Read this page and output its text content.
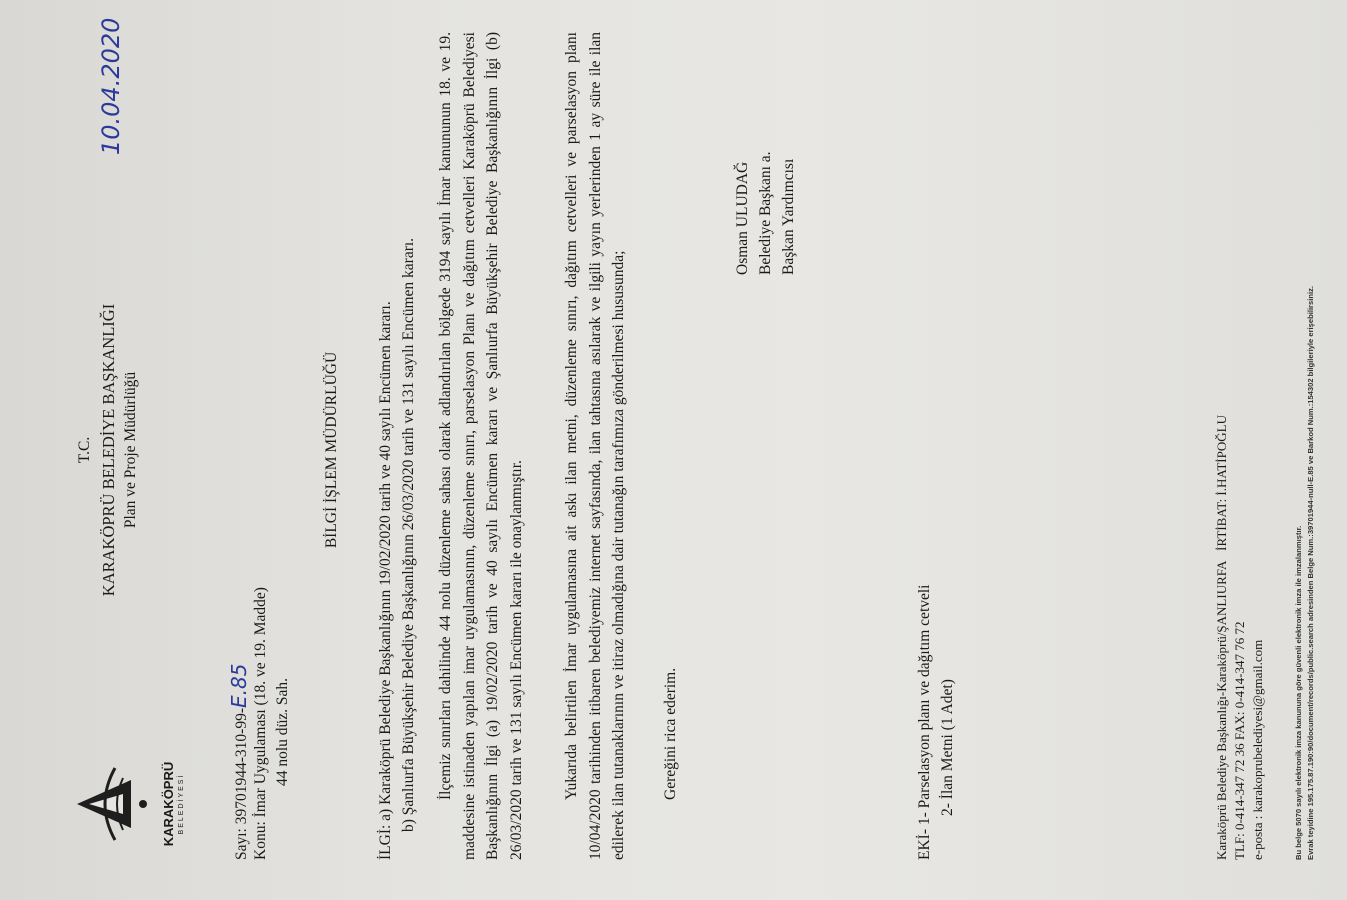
KARAKÖPRÜ BELEDİYESİ
T.C. KARAKÖPRÜ BELEDİYE BAŞKANLIĞI Plan ve Proje Müdürlüğü
10.04.2020
Sayı: 39701944-310-99-E.85
Konu: İmar Uygulaması (18. ve 19. Madde) 44 nolu düz. Sah.
BİLGİ İŞLEM MÜDÜRLÜĞÜ
İLGİ: a) Karaköprü Belediye Başkanlığının 19/02/2020 tarih ve 40 sayılı Encümen kararı. b) Şanlıurfa Büyükşehir Belediye Başkanlığının 26/03/2020 tarih ve 131 sayılı Encümen kararı. İlçemiz sınırları dahilinde 44 nolu düzenleme sahası olarak adlandırılan bölgede 3194 sayılı İmar kanununun 18. ve 19. maddesine istinaden yapılan imar uygulamasının, düzenleme sınırı, parselasyon Planı ve dağıtım cetvelleri Karaköprü Belediyesi Başkanlığının İlgi (a) 19/02/2020 tarih ve 40 sayılı Encümen kararı ve Şanlıurfa Büyükşehir Belediye Başkanlığının İlgi (b) 26/03/2020 tarih ve 131 sayılı Encümen kararı ile onaylanmıştır. Yukarıda belirtilen İmar uygulamasına ait askı ilan metni, düzenleme sınırı, dağıtım cetvelleri ve parselasyon planı 10/04/2020 tarihinden itibaren belediyemiz internet sayfasında, ilan tahtasına asılarak ve ilgili yayın yerlerinden 1 ay süre ile ilan edilerek ilan tutanaklarının ve itiraz olmadığına dair tutanağın tarafımıza gönderilmesi hususunda; Gereğini rica ederim.
Osman ULUDAĞ Belediye Başkanı a. Başkan Yardımcısı
EKİ- 1- Parselasyon planı ve dağıtım cetveli 2- İlan Metni (1 Adet)	Karaköprü Belediye Başkanlığı-Karaköprü/ŞANLIURFA   İRTİBAT: İ.HATİPOĞLU
TLF: 0-414-347 72 36 FAX: 0-414-347 76 72 e-posta : karakoprubelediyesi@gmail.com	Bu belge 5070 sayılı elektronik imza kanununa göre güvenli elektronik imza ile imzalanmıştır. Evrak teyidine 195.175.87.190:90/document/records/public.search adresinden Belge Num.:39701944-null-E.85 ve Barkod Num.:154302 bilgileriyle erişebilirsiniz.
